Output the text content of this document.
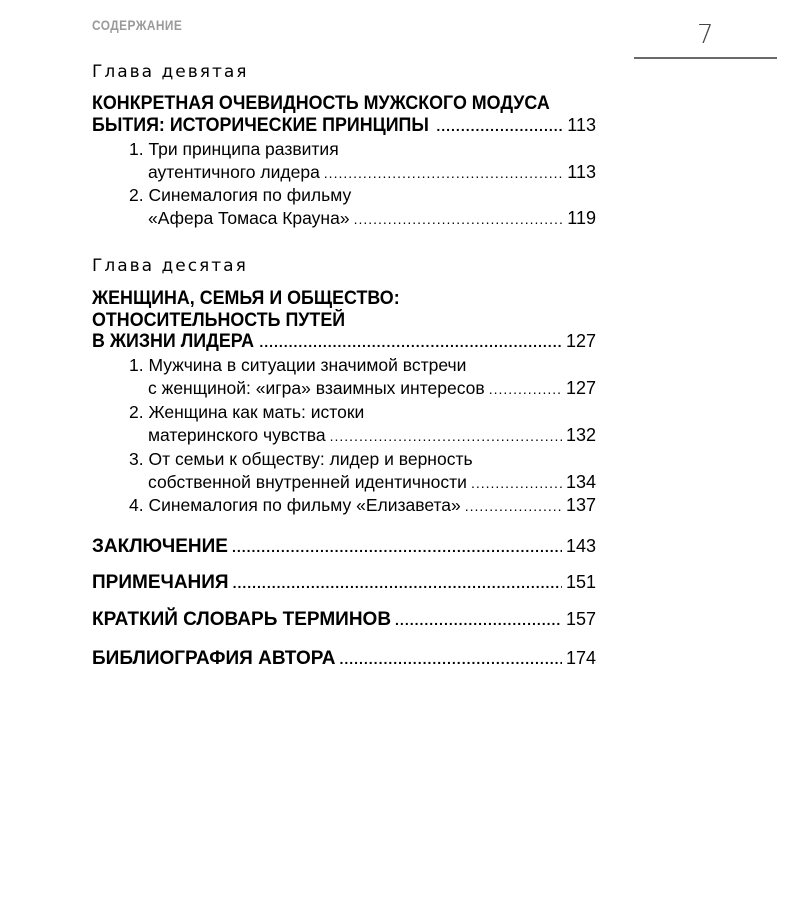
СОДЕРЖАНИЕ	7
Глава девятая
КОНКРЕТНАЯ ОЧЕВИДНОСТЬ МУЖСКОГО МОДУСА
БЫТИЯ: ИСТОРИЧЕСКИЕ ПРИНЦИПЫ .....	113
1. Три принципа развития
аутентичного лидера .....	113
2. Синемалогия по фильму
«Афера Томаса Крауна» .....	119
Глава десятая
ЖЕНЩИНА, СЕМЬЯ И ОБЩЕСТВО:
ОТНОСИТЕЛЬНОСТЬ ПУТЕЙ
В ЖИЗНИ ЛИДЕРА .....	127
1. Мужчина в ситуации значимой встречи
с женщиной: «игра» взаимных интересов .....	127
2. Женщина как мать: истоки
материнского чувства .....	132
3. От семьи к обществу: лидер и верность
собственной внутренней идентичности .....	134
4. Синемалогия по фильму «Елизавета» .....	137
ЗАКЛЮЧЕНИЕ .....	143
ПРИМЕЧАНИЯ .....	151
КРАТКИЙ СЛОВАРЬ ТЕРМИНОВ .....	157
БИБЛИОГРАФИЯ АВТОРА .....	174
